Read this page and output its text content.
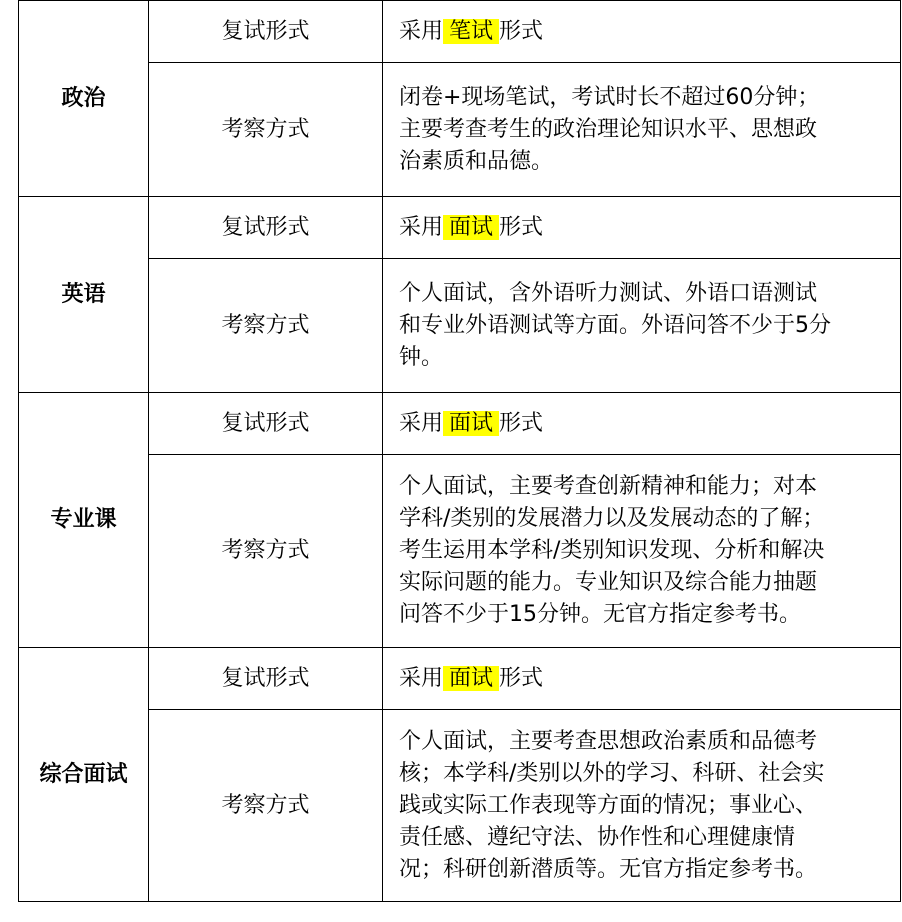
政治	复试形式	采用 笔试 形式
	考察方式	闭卷+现场笔试，考试时长不超过60分钟；
主要考查考生的政治理论知识水平、思想政
治素质和品德。

英语	复试形式	采用 面试 形式
	考察方式	个人面试，含外语听力测试、外语口语测试
和专业外语测试等方面。外语问答不少于5分
钟。

专业课	复试形式	采用 面试 形式
	考察方式	个人面试，主要考查创新精神和能力；对本
学科/类别的发展潜力以及发展动态的了解；
考生运用本学科/类别知识发现、分析和解决
实际问题的能力。专业知识及综合能力抽题
问答不少于15分钟。无官方指定参考书。

综合面试	复试形式	采用 面试 形式
	考察方式	个人面试，主要考查思想政治素质和品德考
核；本学科/类别以外的学习、科研、社会实
践或实际工作表现等方面的情况；事业心、
责任感、遵纪守法、协作性和心理健康情
况；科研创新潜质等。无官方指定参考书。
